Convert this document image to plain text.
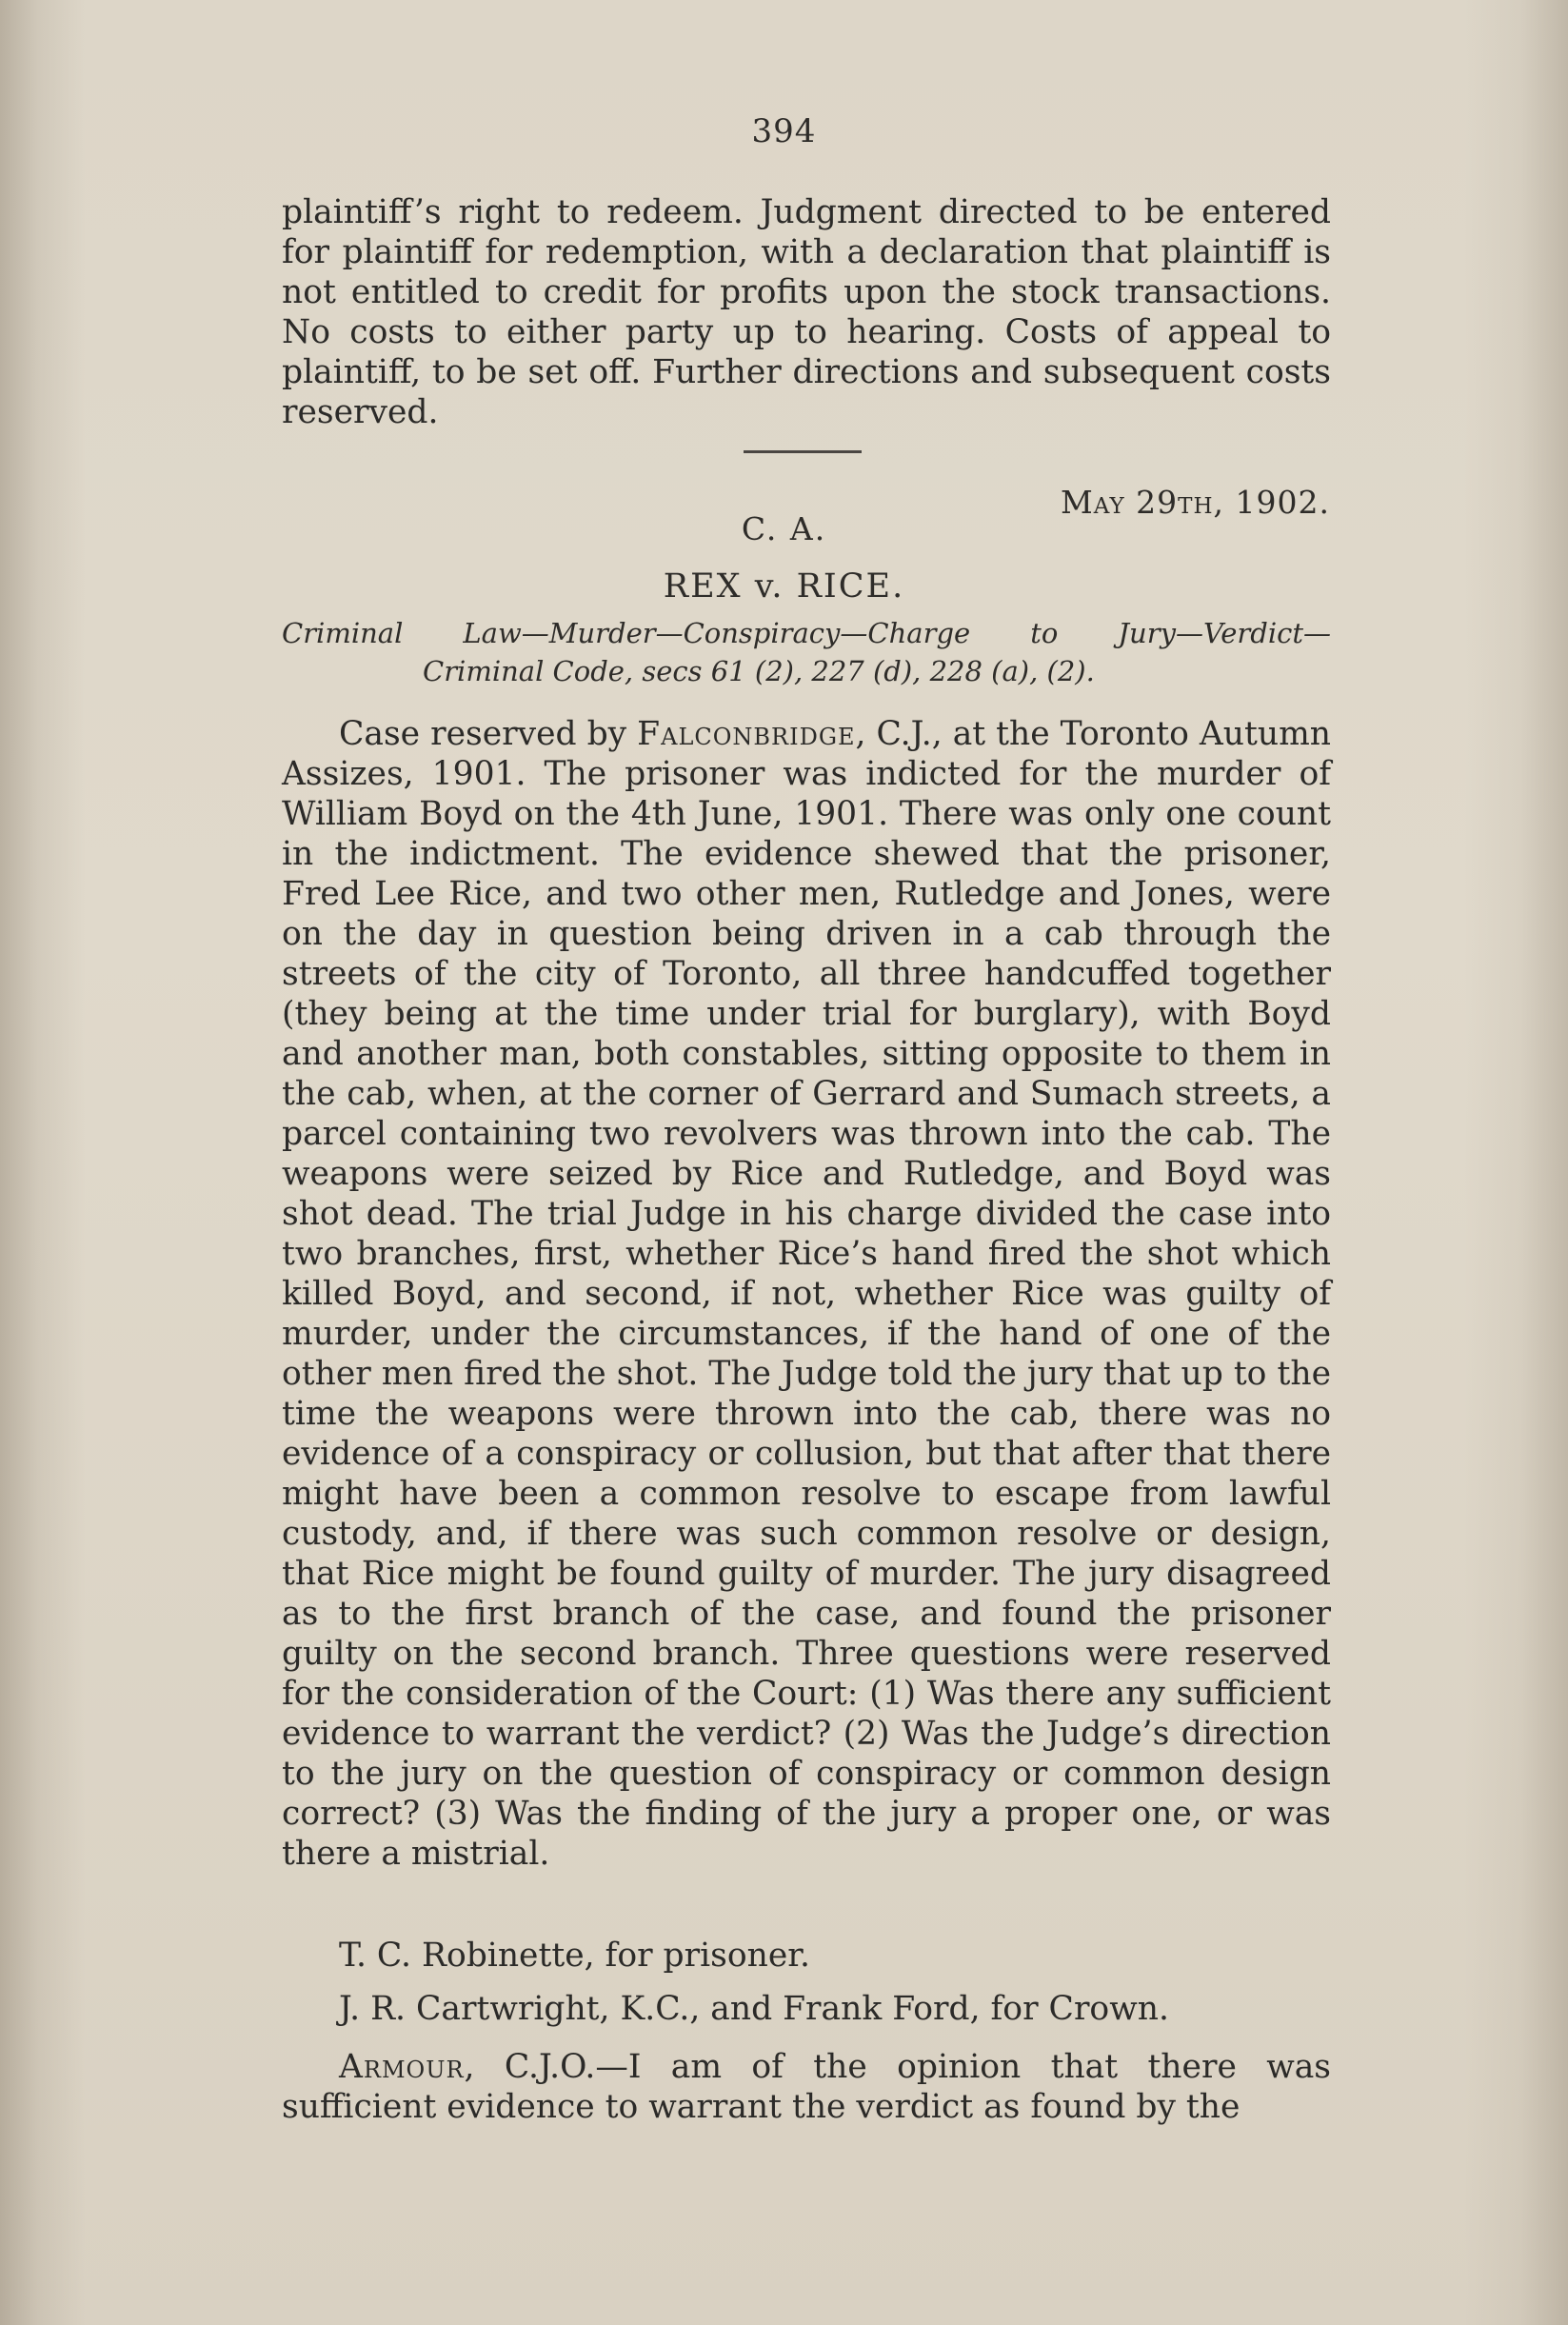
394

plaintiff’s right to redeem. Judgment directed to be entered for plaintiff for redemption, with a declaration that plaintiff is not entitled to credit for profits upon the stock transactions. No costs to either party up to hearing. Costs of appeal to plaintiff, to be set off. Further directions and subsequent costs reserved.

May 29th, 1902.
C. A.
REX v. RICE.
Criminal Law—Murder—Conspiracy—Charge to Jury—Verdict—
Criminal Code, secs 61 (2), 227 (d), 228 (a), (2).

Case reserved by Falconbridge, C.J., at the Toronto Autumn Assizes, 1901. The prisoner was indicted for the murder of William Boyd on the 4th June, 1901. There was only one count in the indictment. The evidence shewed that the prisoner, Fred Lee Rice, and two other men, Rutledge and Jones, were on the day in question being driven in a cab through the streets of the city of Toronto, all three handcuffed together (they being at the time under trial for burglary), with Boyd and another man, both constables, sitting opposite to them in the cab, when, at the corner of Gerrard and Sumach streets, a parcel containing two revolvers was thrown into the cab. The weapons were seized by Rice and Rutledge, and Boyd was shot dead. The trial Judge in his charge divided the case into two branches, first, whether Rice’s hand fired the shot which killed Boyd, and second, if not, whether Rice was guilty of murder, under the circumstances, if the hand of one of the other men fired the shot. The Judge told the jury that up to the time the weapons were thrown into the cab, there was no evidence of a conspiracy or collusion, but that after that there might have been a common resolve to escape from lawful custody, and, if there was such common resolve or design, that Rice might be found guilty of murder. The jury disagreed as to the first branch of the case, and found the prisoner guilty on the second branch. Three questions were reserved for the consideration of the Court: (1) Was there any sufficient evidence to warrant the verdict? (2) Was the Judge’s direction to the jury on the question of conspiracy or common design correct? (3) Was the finding of the jury a proper one, or was there a mistrial.

T. C. Robinette, for prisoner.
J. R. Cartwright, K.C., and Frank Ford, for Crown.

Armour, C.J.O.—I am of the opinion that there was sufficient evidence to warrant the verdict as found by the
